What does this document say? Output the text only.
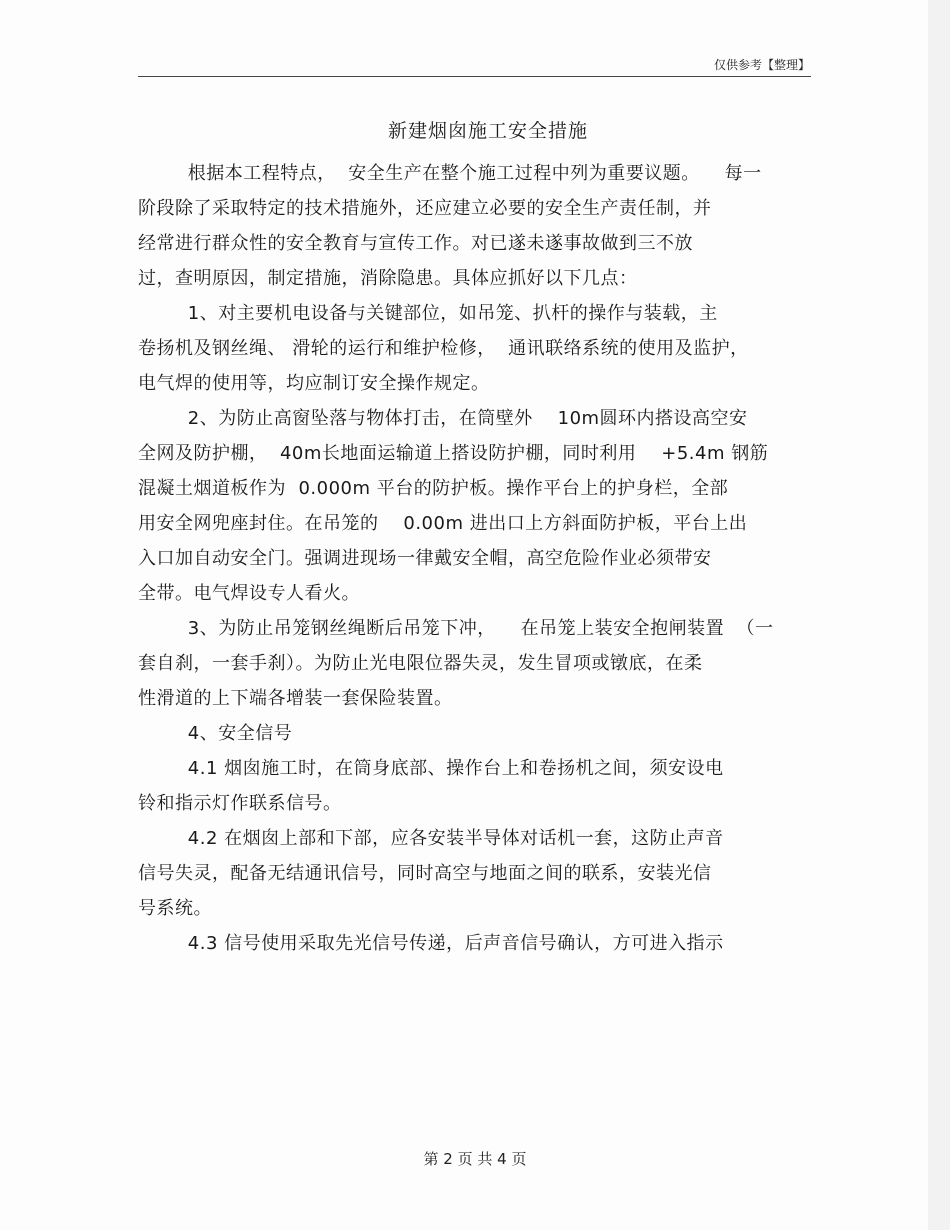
仅供参考【整理】
新建烟囱施工安全措施
根据本工程特点，  安全生产在整个施工过程中列为重要议题。    每一
阶段除了采取特定的技术措施外，还应建立必要的安全生产责任制，并
经常进行群众性的安全教育与宣传工作。对已遂未遂事故做到三不放
过，查明原因，制定措施，消除隐患。具体应抓好以下几点：
1、对主要机电设备与关键部位，如吊笼、扒杆的操作与装载，主
卷扬机及钢丝绳、 滑轮的运行和维护检修，  通讯联络系统的使用及监护，
电气焊的使用等，均应制订安全操作规定。
2、为防止高窗坠落与物体打击，在筒壁外    10m圆环内搭设高空安
全网及防护棚，  40m长地面运输道上搭设防护棚，同时利用    +5.4m 钢筋
混凝土烟道板作为  0.000m 平台的防护板。操作平台上的护身栏，全部
用安全网兜座封住。在吊笼的    0.00m 进出口上方斜面防护板，平台上出
入口加自动安全门。强调进现场一律戴安全帽，高空危险作业必须带安
全带。电气焊设专人看火。
3、为防止吊笼钢丝绳断后吊笼下冲，    在吊笼上装安全抱闸装置  （一
套自刹，一套手刹）。为防止光电限位器失灵，发生冒项或镦底，在柔
性滑道的上下端各增装一套保险装置。
4、安全信号
4.1 烟囱施工时，在筒身底部、操作台上和卷扬机之间，须安设电
铃和指示灯作联系信号。
4.2 在烟囱上部和下部，应各安装半导体对话机一套，这防止声音
信号失灵，配备无结通讯信号，同时高空与地面之间的联系，安装光信
号系统。
4.3 信号使用采取先光信号传递，后声音信号确认，方可进入指示
第 2 页 共 4 页
